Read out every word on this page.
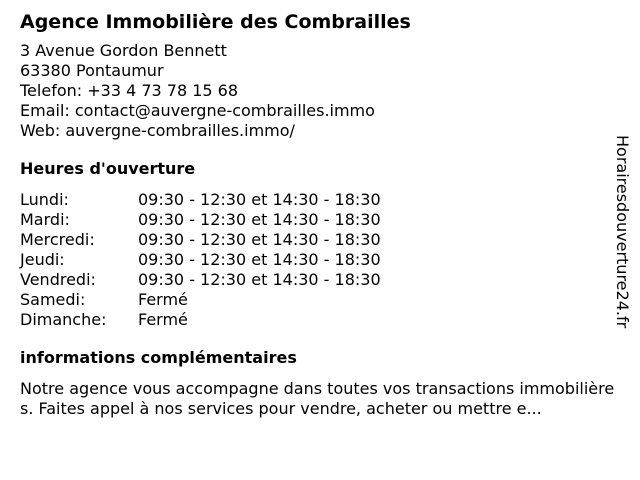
Agence Immobilière des Combrailles
3 Avenue Gordon Bennett
63380 Pontaumur
Telefon: +33 4 73 78 15 68
Email: contact@auvergne-combrailles.immo
Web: auvergne-combrailles.immo/
Heures d'ouverture
Lundi:	09:30 - 12:30 et 14:30 - 18:30
Mardi:	09:30 - 12:30 et 14:30 - 18:30
Mercredi:	09:30 - 12:30 et 14:30 - 18:30
Jeudi:	09:30 - 12:30 et 14:30 - 18:30
Vendredi:	09:30 - 12:30 et 14:30 - 18:30
Samedi:	Fermé
Dimanche:	Fermé
informations complémentaires
Notre agence vous accompagne dans toutes vos transactions immobilières. Faites appel à nos services pour vendre, acheter ou mettre e...
Horairesdouverture24.fr
